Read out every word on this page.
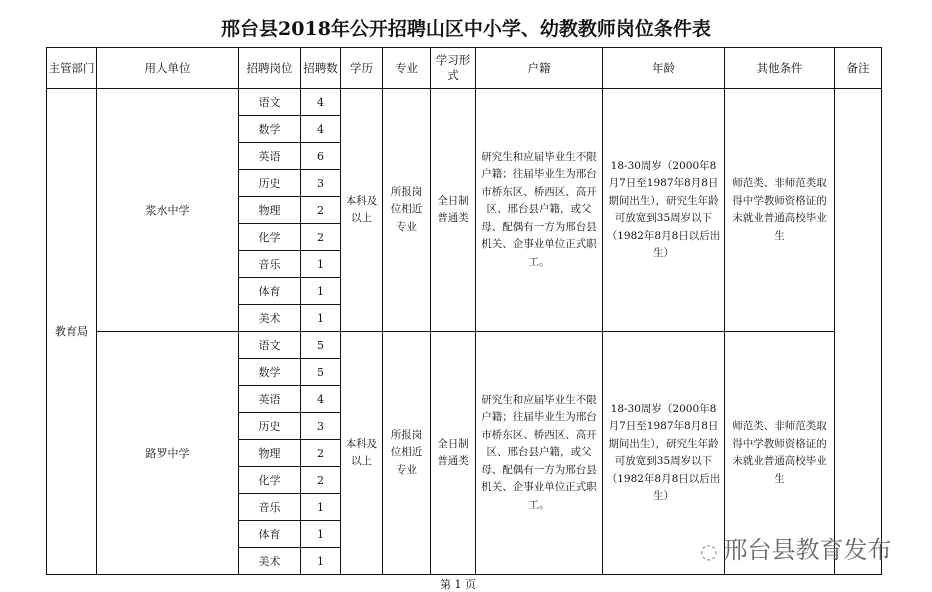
邢台县2018年公开招聘山区中小学、幼教教师岗位条件表
主管部门	用人单位	招聘岗位	招聘数	学历	专业	学习形式	户籍	年龄	其他条件	备注
教育局	浆水中学	语文	4	本科及以上	所报岗位相近专业	全日制普通类	研究生和应届毕业生不限户籍；往届毕业生为邢台市桥东区、桥西区、高开区、邢台县户籍，或父母、配偶有一方为邢台县机关、企事业单位正式职工。	18-30周岁（2000年8月7日至1987年8月8日期间出生），研究生年龄可放宽到35周岁以下（1982年8月8日以后出生）	师范类、非师范类取得中学教师资格证的未就业普通高校毕业生	
		数学	4							
		英语	6							
		历史	3							
		物理	2							
		化学	2							
		音乐	1							
		体育	1							
		美术	1							
	路罗中学	语文	5	本科及以上	所报岗位相近专业	全日制普通类	研究生和应届毕业生不限户籍；往届毕业生为邢台市桥东区、桥西区、高开区、邢台县户籍，或父母、配偶有一方为邢台县机关、企事业单位正式职工。	18-30周岁（2000年8月7日至1987年8月8日期间出生），研究生年龄可放宽到35周岁以下（1982年8月8日以后出生）	师范类、非师范类取得中学教师资格证的未就业普通高校毕业生	
		数学	5							
		英语	4							
		历史	3							
		物理	2							
		化学	2							
		音乐	1							
		体育	1							
		美术	1							
第 1 页
◌ 邢台县教育发布
